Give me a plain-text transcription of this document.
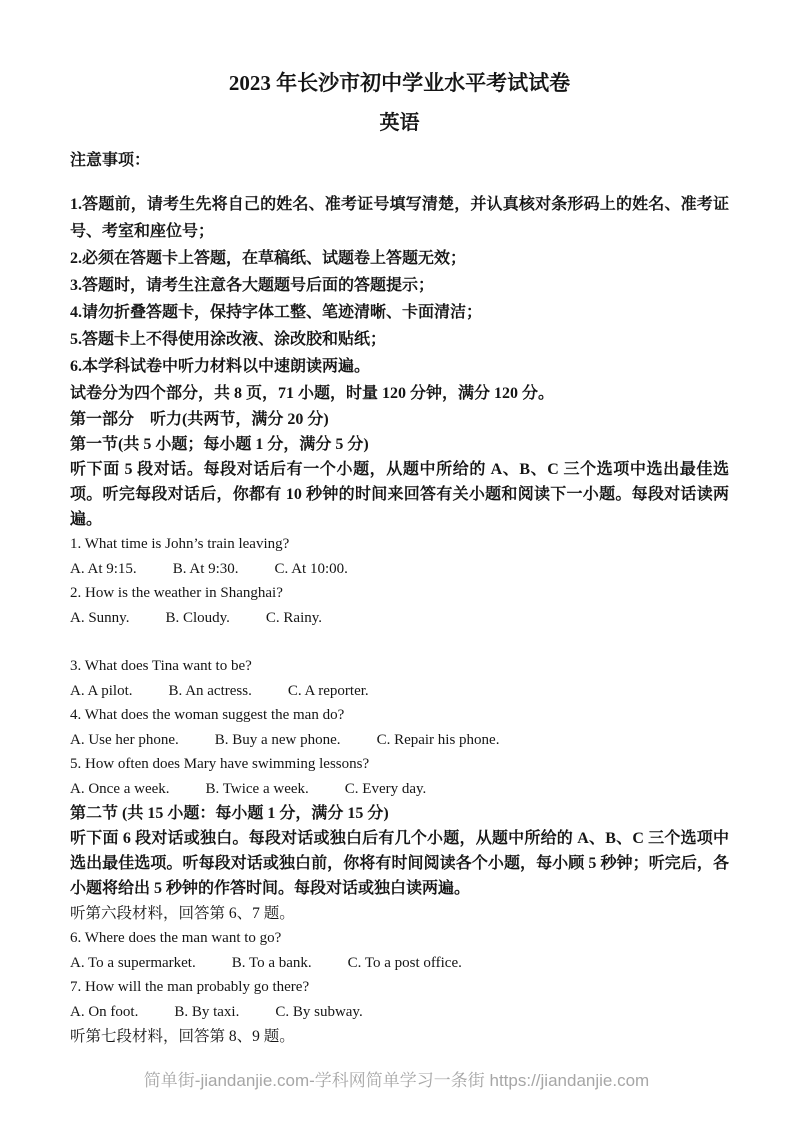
2023 年长沙市初中学业水平考试试卷
英语
注意事项：

1.答题前，请考生先将自己的姓名、准考证号填写清楚，并认真核对条形码上的姓名、准考证号、考室和座位号；

2.必须在答题卡上答题，在草稿纸、试题卷上答题无效；

3.答题时，请考生注意各大题题号后面的答题提示；

4.请勿折叠答题卡，保持字体工整、笔迹清晰、卡面清洁；

5.答题卡上不得使用涂改液、涂改胶和贴纸；

6.本学科试卷中听力材料以中速朗读两遍。

试卷分为四个部分，共 8 页，71 小题，时量 120 分钟，满分 120 分。

第一部分　听力(共两节，满分 20 分)

第一节(共 5 小题；每小题 1 分，满分 5 分)

听下面 5 段对话。每段对话后有一个小题，从题中所给的 A、B、C 三个选项中选出最佳选项。听完每段对话后，你都有 10 秒钟的时间来回答有关小题和阅读下一小题。每段对话读两遍。

1. What time is John’s train leaving?

A. At 9:15. B. At 9:30. C. At 10:00.

2. How is the weather in Shanghai?

A. Sunny. B. Cloudy. C. Rainy.

3. What does Tina want to be?

A. A pilot. B. An actress. C. A reporter.

4. What does the woman suggest the man do?

A. Use her phone. B. Buy a new phone. C. Repair his phone.

5. How often does Mary have swimming lessons?

A. Once a week. B. Twice a week. C. Every day.

第二节 (共 15 小题：每小题 1 分，满分 15 分)

听下面 6 段对话或独白。每段对话或独白后有几个小题，从题中所给的 A、B、C 三个选项中选出最佳选项。听每段对话或独白前，你将有时间阅读各个小题，每小顾 5 秒钟；听完后，各小题将给出 5 秒钟的作答时间。每段对话或独白读两遍。

听第六段材料，回答第 6、7 题。

6. Where does the man want to go?

A. To a supermarket. B. To a bank. C. To a post office.

7. How will the man probably go there?

A. On foot. B. By taxi. C. By subway.

听第七段材料，回答第 8、9 题。

简单街-jiandanjie.com-学科网简单学习一条街 https://jiandanjie.com
